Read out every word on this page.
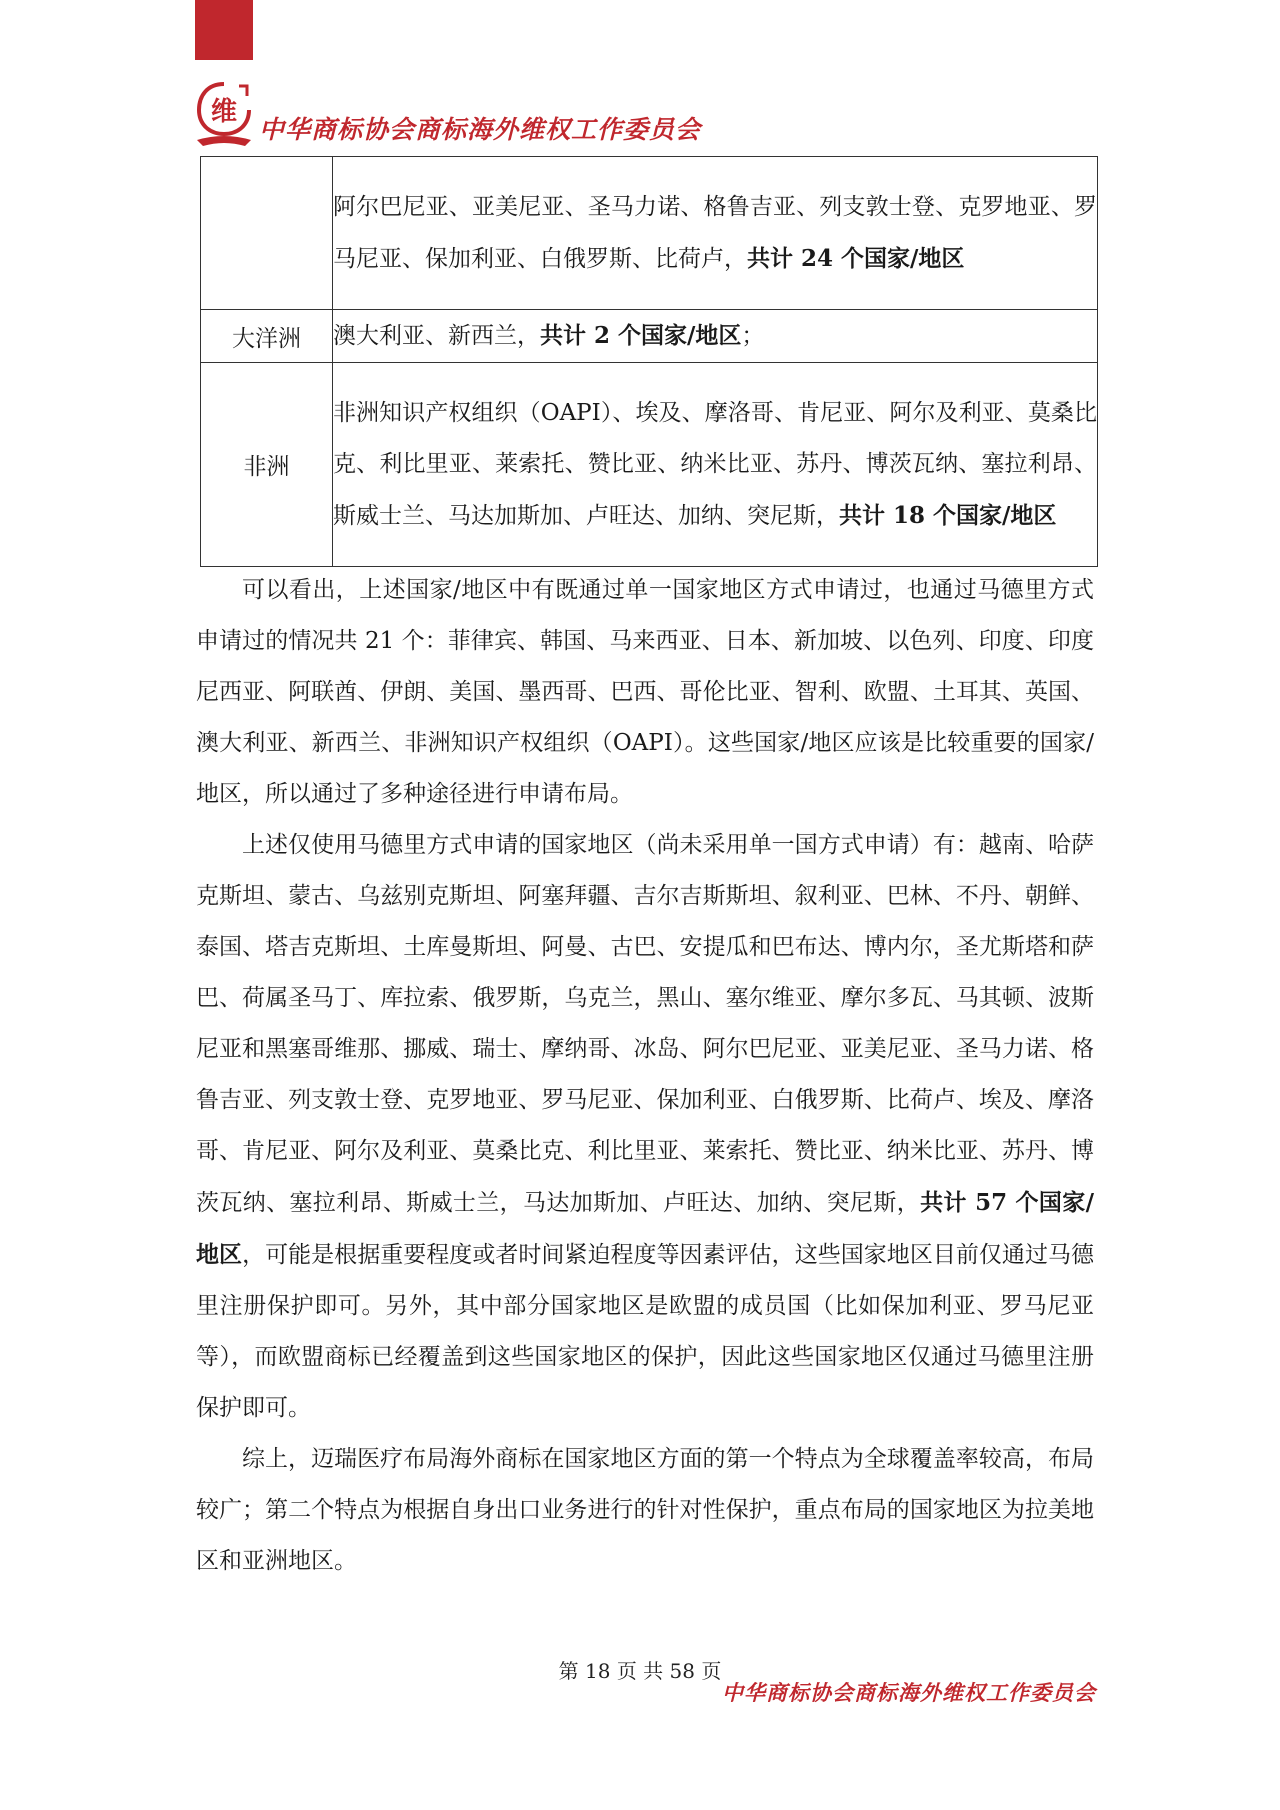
维
中华商标协会商标海外维权工作委员会
	阿尔巴尼亚、亚美尼亚、圣马力诺、格鲁吉亚、列支敦士登、克罗地亚、罗马尼亚、保加利亚、白俄罗斯、比荷卢，共计 24 个国家/地区
大洋洲	澳大利亚、新西兰，共计 2 个国家/地区；
非洲	非洲知识产权组织（OAPI）、埃及、摩洛哥、肯尼亚、阿尔及利亚、莫桑比克、利比里亚、莱索托、赞比亚、纳米比亚、苏丹、博茨瓦纳、塞拉利昂、斯威士兰、马达加斯加、卢旺达、加纳、突尼斯，共计 18 个国家/地区

可以看出，上述国家/地区中有既通过单一国家地区方式申请过，也通过马德里方式申请过的情况共 21 个：菲律宾、韩国、马来西亚、日本、新加坡、以色列、印度、印度尼西亚、阿联酋、伊朗、美国、墨西哥、巴西、哥伦比亚、智利、欧盟、土耳其、英国、澳大利亚、新西兰、非洲知识产权组织（OAPI）。这些国家/地区应该是比较重要的国家/地区，所以通过了多种途径进行申请布局。

上述仅使用马德里方式申请的国家地区（尚未采用单一国方式申请）有：越南、哈萨克斯坦、蒙古、乌兹别克斯坦、阿塞拜疆、吉尔吉斯斯坦、叙利亚、巴林、不丹、朝鲜、泰国、塔吉克斯坦、土库曼斯坦、阿曼、古巴、安提瓜和巴布达、博内尔，圣尤斯塔和萨巴、荷属圣马丁、库拉索、俄罗斯，乌克兰，黑山、塞尔维亚、摩尔多瓦、马其顿、波斯尼亚和黑塞哥维那、挪威、瑞士、摩纳哥、冰岛、阿尔巴尼亚、亚美尼亚、圣马力诺、格鲁吉亚、列支敦士登、克罗地亚、罗马尼亚、保加利亚、白俄罗斯、比荷卢、埃及、摩洛哥、肯尼亚、阿尔及利亚、莫桑比克、利比里亚、莱索托、赞比亚、纳米比亚、苏丹、博茨瓦纳、塞拉利昂、斯威士兰，马达加斯加、卢旺达、加纳、突尼斯，共计 57 个国家/地区，可能是根据重要程度或者时间紧迫程度等因素评估，这些国家地区目前仅通过马德里注册保护即可。另外，其中部分国家地区是欧盟的成员国（比如保加利亚、罗马尼亚等），而欧盟商标已经覆盖到这些国家地区的保护，因此这些国家地区仅通过马德里注册保护即可。

综上，迈瑞医疗布局海外商标在国家地区方面的第一个特点为全球覆盖率较高，布局较广；第二个特点为根据自身出口业务进行的针对性保护，重点布局的国家地区为拉美地区和亚洲地区。

第 18 页 共 58 页
中华商标协会商标海外维权工作委员会
